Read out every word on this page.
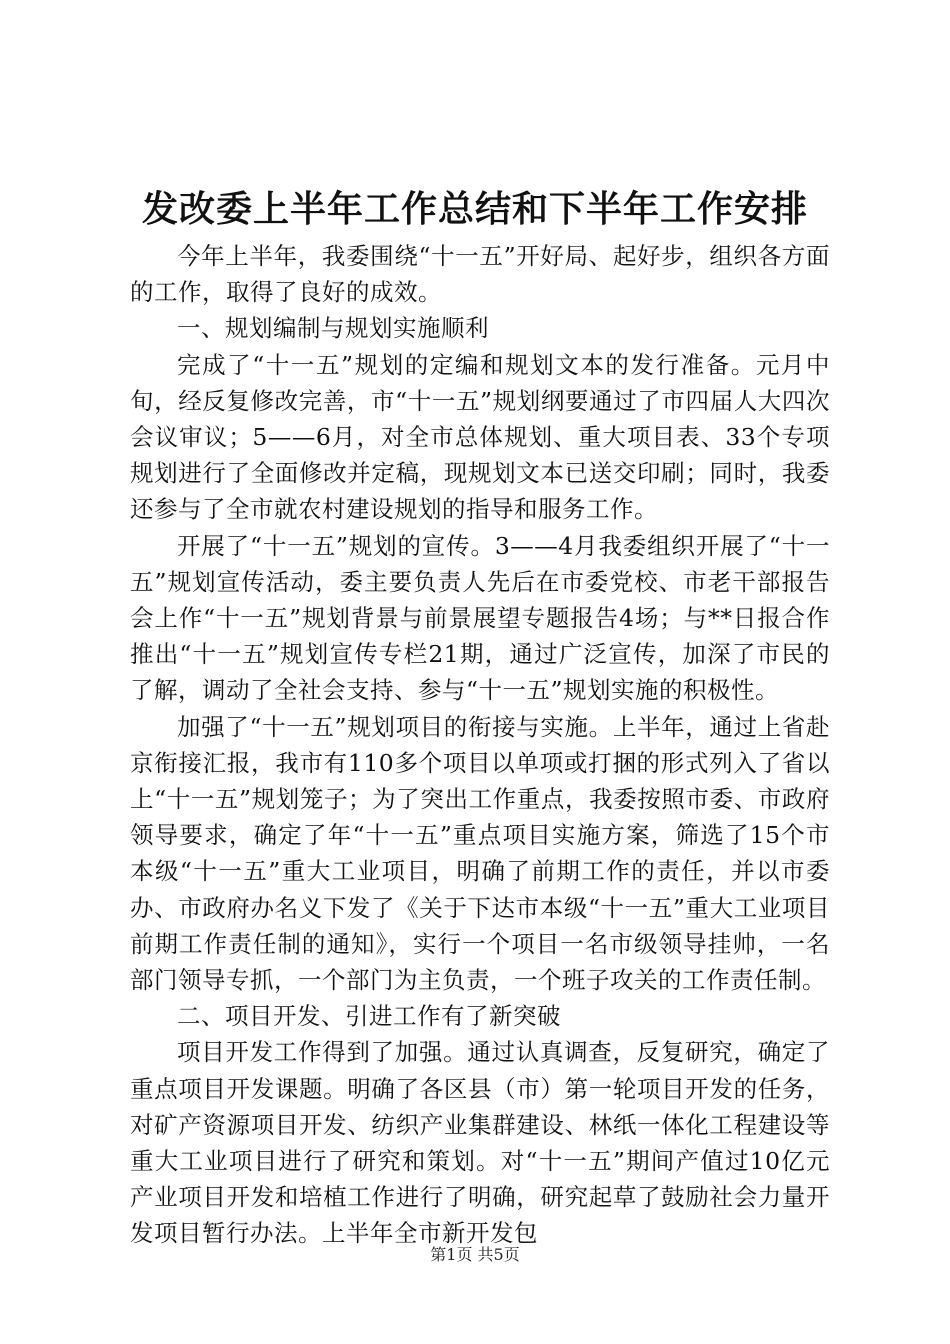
发改委上半年工作总结和下半年工作安排

今年上半年，我委围绕“十一五”开好局、起好步，组织各方面的工作，取得了良好的成效。

一、规划编制与规划实施顺利

完成了“十一五”规划的定编和规划文本的发行准备。元月中旬，经反复修改完善，市“十一五”规划纲要通过了市四届人大四次会议审议；5——6月，对全市总体规划、重大项目表、33个专项规划进行了全面修改并定稿，现规划文本已送交印刷；同时，我委还参与了全市就农村建设规划的指导和服务工作。

开展了“十一五”规划的宣传。3——4月我委组织开展了“十一五”规划宣传活动，委主要负责人先后在市委党校、市老干部报告会上作“十一五”规划背景与前景展望专题报告4场；与**日报合作推出“十一五”规划宣传专栏21期，通过广泛宣传，加深了市民的了解，调动了全社会支持、参与“十一五”规划实施的积极性。

加强了“十一五”规划项目的衔接与实施。上半年，通过上省赴京衔接汇报，我市有110多个项目以单项或打捆的形式列入了省以上“十一五”规划笼子；为了突出工作重点，我委按照市委、市政府领导要求，确定了年“十一五”重点项目实施方案，筛选了15个市本级“十一五”重大工业项目，明确了前期工作的责任，并以市委办、市政府办名义下发了《关于下达市本级“十一五”重大工业项目前期工作责任制的通知》，实行一个项目一名市级领导挂帅，一名部门领导专抓，一个部门为主负责，一个班子攻关的工作责任制。

二、项目开发、引进工作有了新突破

项目开发工作得到了加强。通过认真调查，反复研究，确定了重点项目开发课题。明确了各区县（市）第一轮项目开发的任务，对矿产资源项目开发、纺织产业集群建设、林纸一体化工程建设等重大工业项目进行了研究和策划。对“十一五”期间产值过10亿元产业项目开发和培植工作进行了明确，研究起草了鼓励社会力量开发项目暂行办法。上半年全市新开发包

第1页 共5页
